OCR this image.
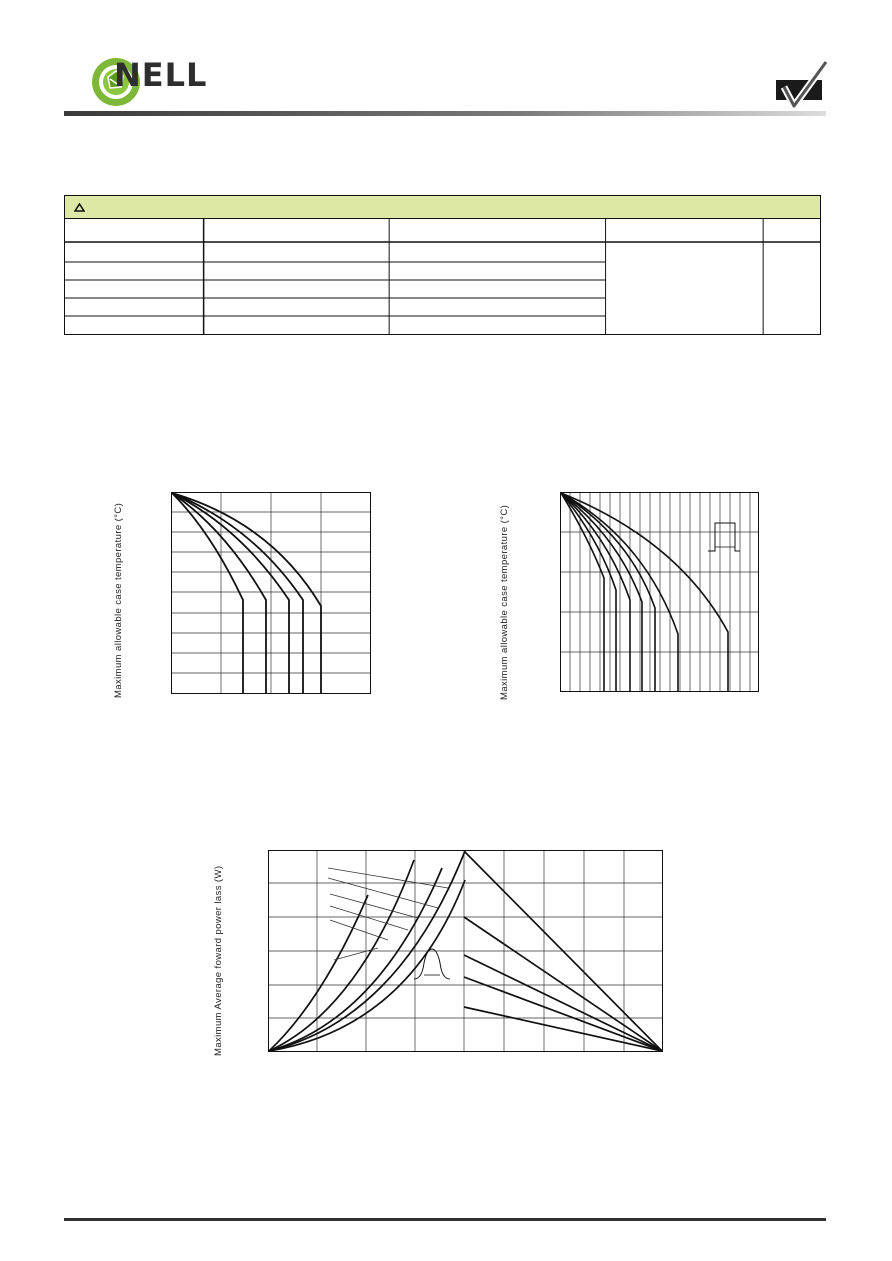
NELL
Maximum allowable case temperature (°C)	Maximum allowable case temperature (°C)
Maximum Average foward power lass (W)
